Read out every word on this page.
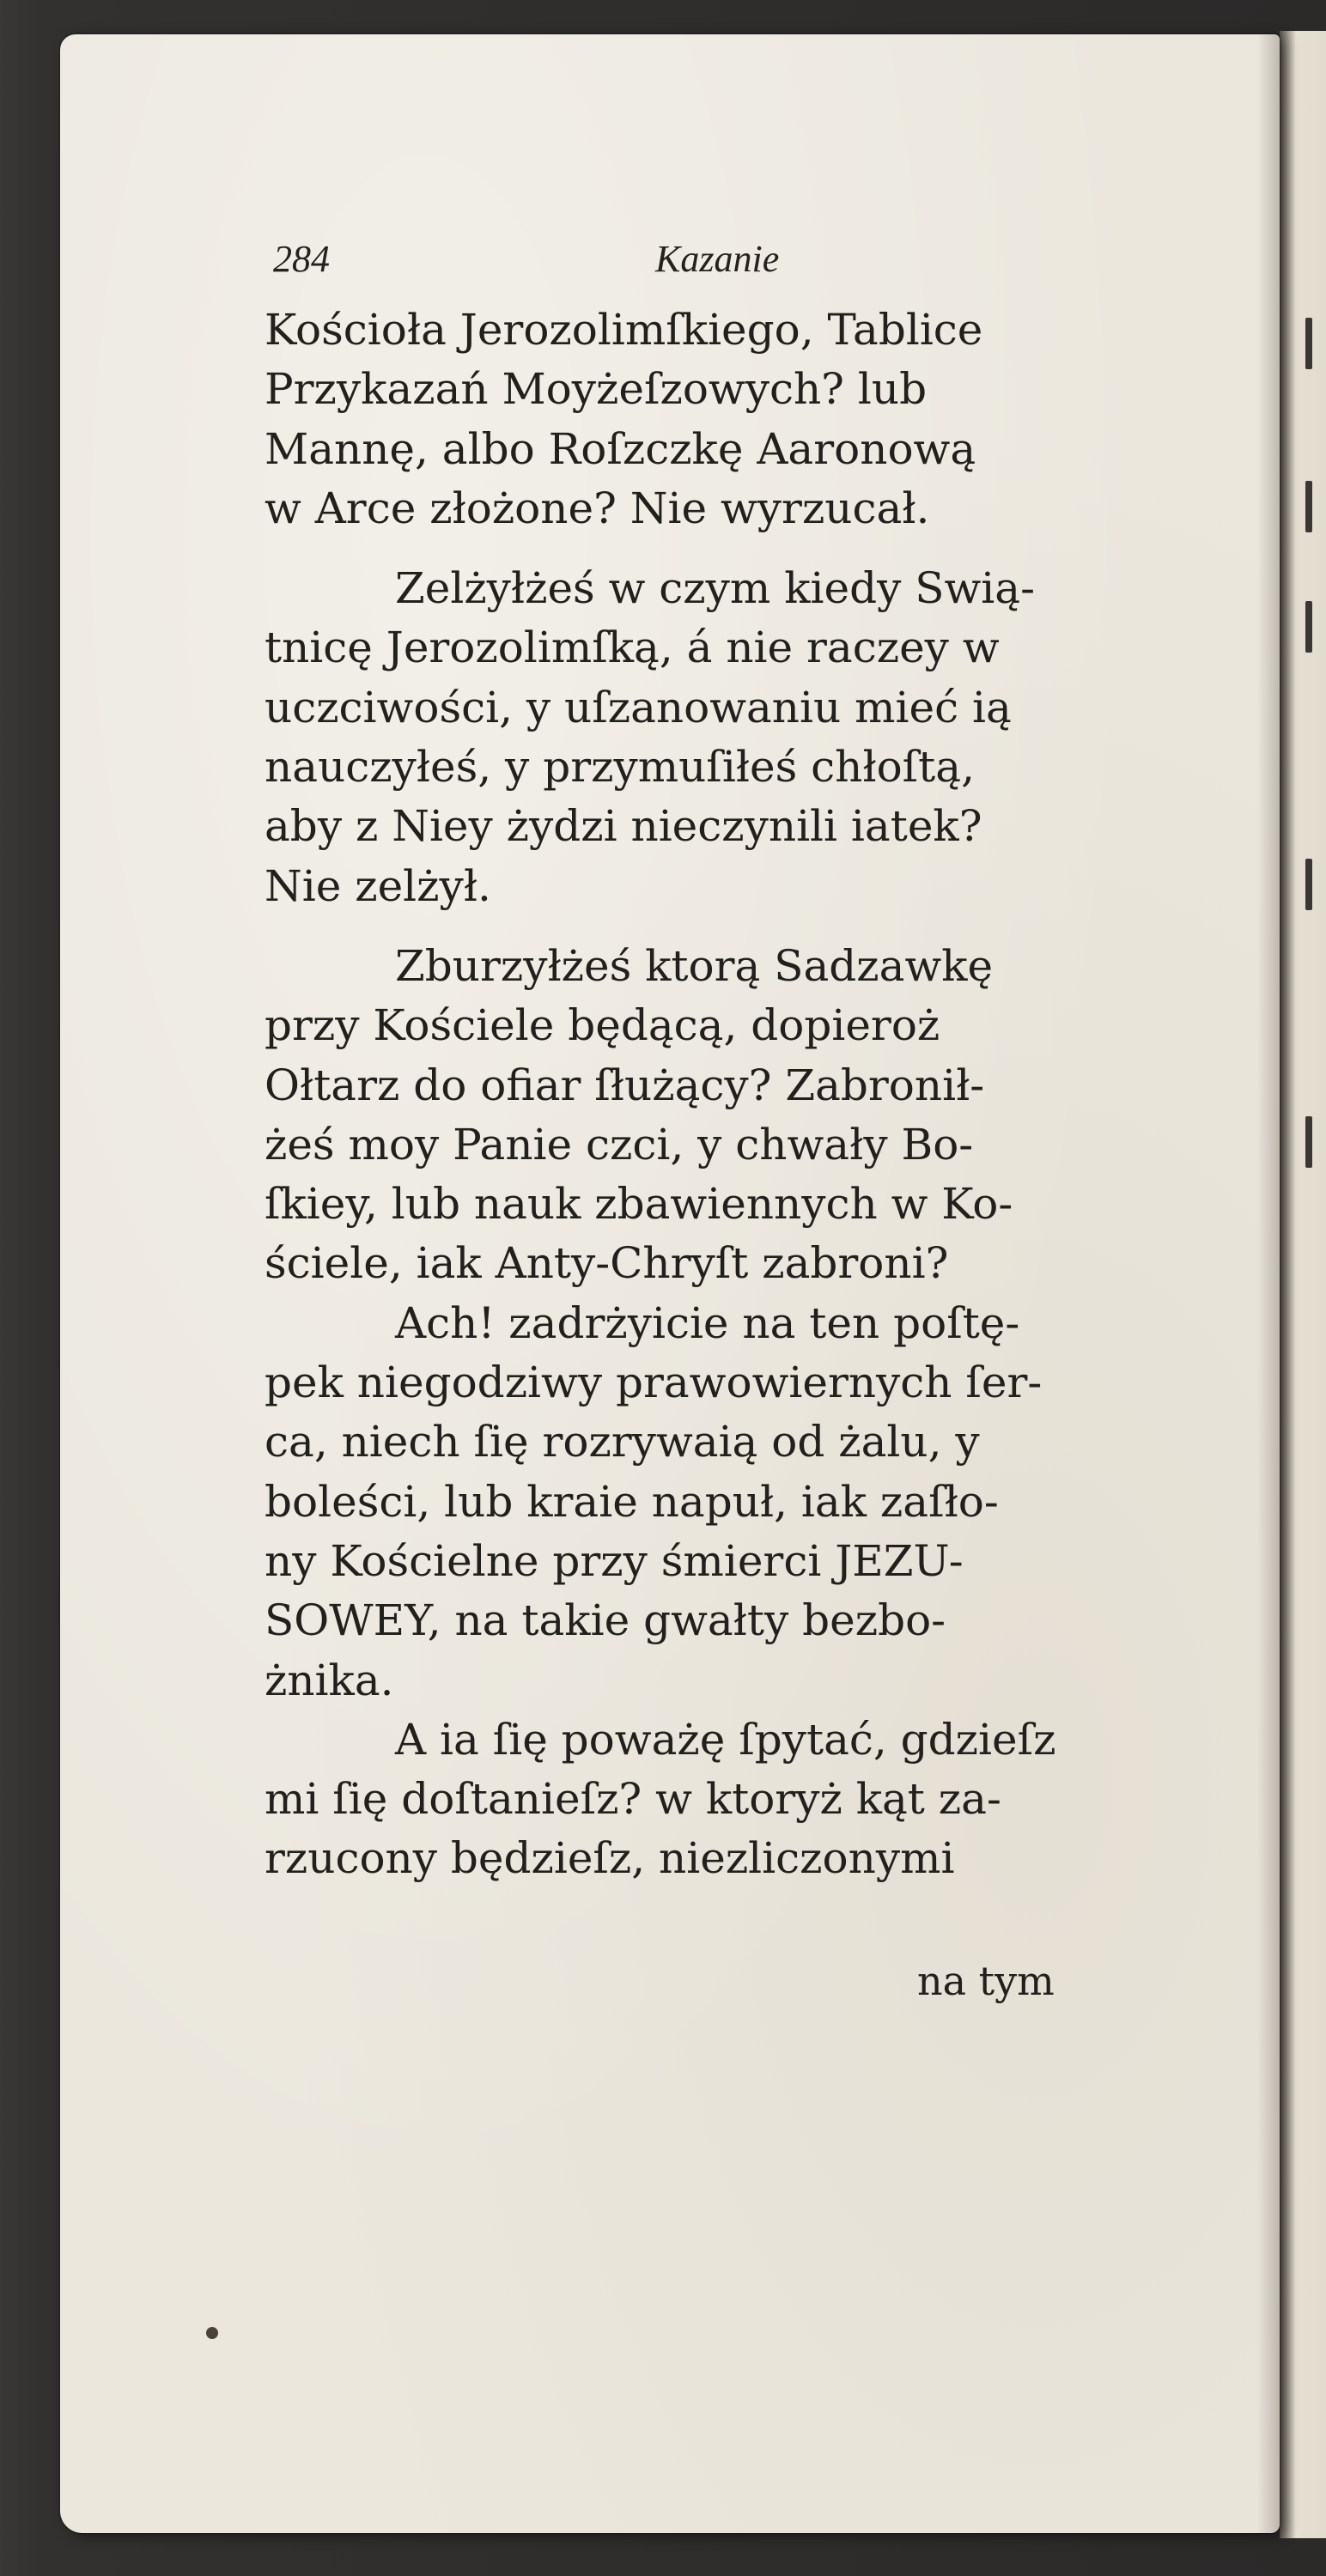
284	Kazanie
Kościoła Jerozolimſkiego, Tablice
Przykazań Moyżeſzowych? lub
Mannę, albo Roſzczkę Aaronową
w Arce złożone? Nie wyrzucał.
Zelżyłżeś w czym kiedy Swią-
tnicę Jerozolimſką, á nie raczey w
uczciwości, y uſzanowaniu mieć ią
nauczyłeś, y przymuſiłeś chłoſtą,
aby z Niey żydzi nieczynili iatek?
Nie zelżył.
Zburzyłżeś ktorą Sadzawkę
przy Kościele będącą, dopieroż
Ołtarz do ofiar ſłużący? Zabronił-
żeś moy Panie czci, y chwały Bo-
ſkiey, lub nauk zbawiennych w Ko-
ściele, iak Anty-Chryſt zabroni?
Ach! zadrżyicie na ten poſtę-
pek niegodziwy prawowiernych ſer-
ca, niech ſię rozrywaią od żalu, y
boleści, lub kraie napuł, iak zaſło-
ny Kościelne przy śmierci JEZU-
SOWEY, na takie gwałty bezbo-
żnika.
A ia ſię poważę ſpytać, gdzieſz
mi ſię doſtanieſz? w ktoryż kąt za-
rzucony będzieſz, niezliczonymi
na tym
